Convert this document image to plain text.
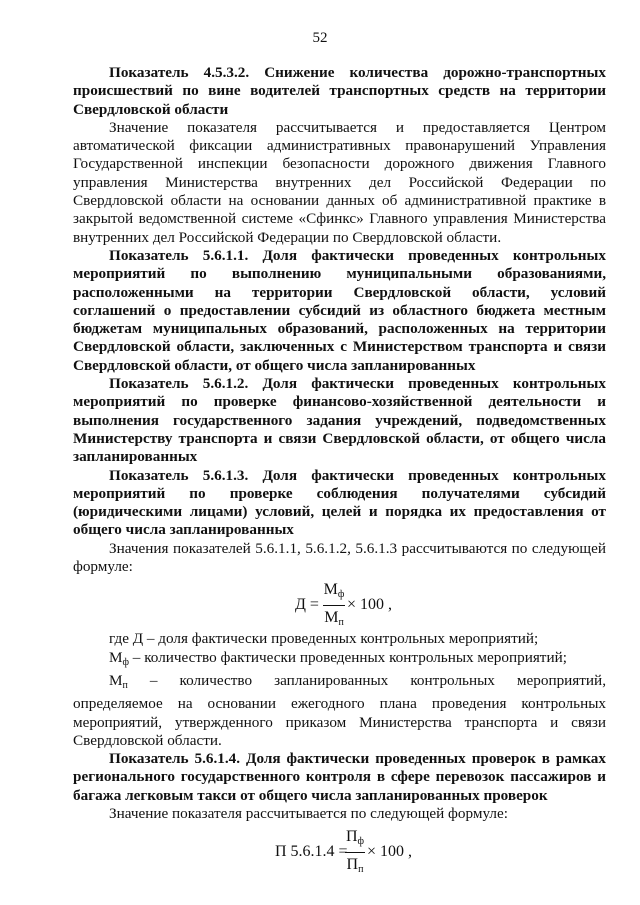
52

Показатель 4.5.3.2. Снижение количества дорожно-транспортных происшествий по вине водителей транспортных средств на территории Свердловской области

Значение показателя рассчитывается и предоставляется Центром автоматической фиксации административных правонарушений Управления Государственной инспекции безопасности дорожного движения Главного управления Министерства внутренних дел Российской Федерации по Свердловской области на основании данных об административной практике в закрытой ведомственной системе «Сфинкс» Главного управления Министерства внутренних дел Российской Федерации по Свердловской области.

Показатель 5.6.1.1. Доля фактически проведенных контрольных мероприятий по выполнению муниципальными образованиями, расположенными на территории Свердловской области, условий соглашений о предоставлении субсидий из областного бюджета местным бюджетам муниципальных образований, расположенных на территории Свердловской области, заключенных с Министерством транспорта и связи Свердловской области, от общего числа запланированных

Показатель 5.6.1.2. Доля фактически проведенных контрольных мероприятий по проверке финансово-хозяйственной деятельности и выполнения государственного задания учреждений, подведомственных Министерству транспорта и связи Свердловской области, от общего числа запланированных

Показатель 5.6.1.3. Доля фактически проведенных контрольных мероприятий по проверке соблюдения получателями субсидий (юридическими лицами) условий, целей и порядка их предоставления от общего числа запланированных

Значения показателей 5.6.1.1, 5.6.1.2, 5.6.1.3 рассчитываются по следующей формуле:

Д =
$М_ф$
$М_п$
× 100 ,

где Д – доля фактически проведенных контрольных мероприятий;

$М_ф$ – количество фактически проведенных контрольных мероприятий;

$М_п$ – количество запланированных контрольных мероприятий, определяемое на основании ежегодного плана проведения контрольных мероприятий, утвержденного приказом Министерства транспорта и связи Свердловской области.

Показатель 5.6.1.4. Доля фактически проведенных проверок в рамках регионального государственного контроля в сфере перевозок пассажиров и багажа легковым такси от общего числа запланированных проверок

Значение показателя рассчитывается по следующей формуле:

П 5.6.1.4 =
$П_ф$
$П_п$
× 100 ,
